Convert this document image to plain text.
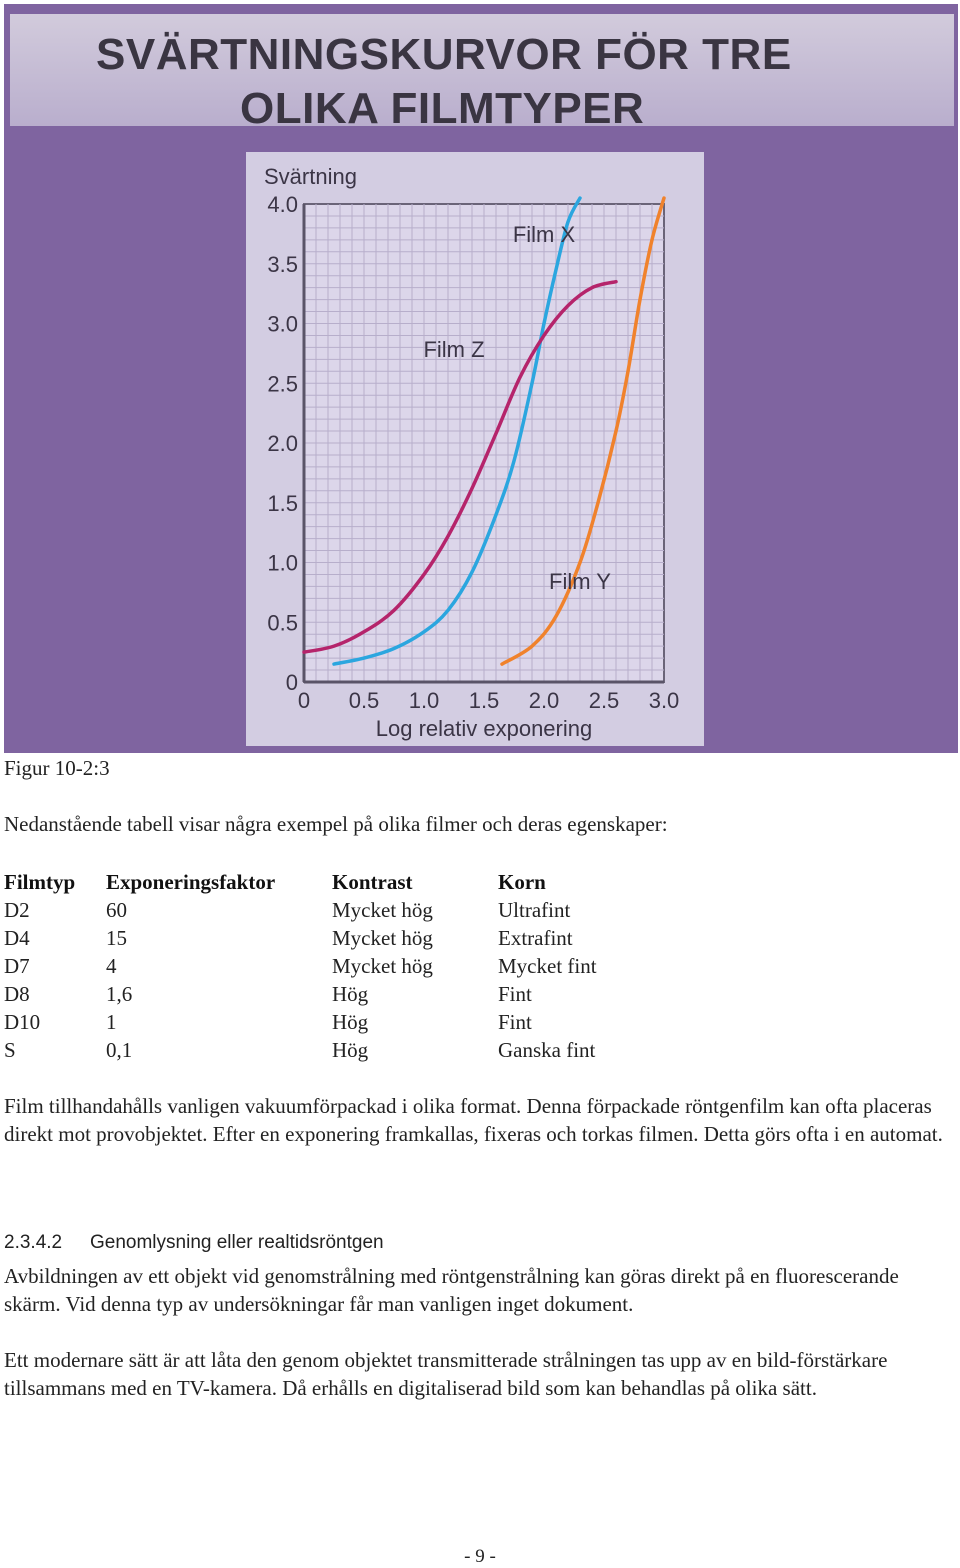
SVÄRTNINGSKURVOR FÖR TRE
OLIKA FILMTYPER
0
0.5
1.0
1.5
2.0
2.5
3.0
3.5
4.0
0 0.5 1.0 1.5 2.0 2.5 3.0
Svärtning
Log relativ exponering
Film X
Film Z
Film Y

Figur 10-2:3

Nedanstående tabell visar några exempel på olika filmer och deras egenskaper:

Filmtyp	Exponeringsfaktor	Kontrast	Korn
D2	60	Mycket hög	Ultrafint
D4	15	Mycket hög	Extrafint
D7	4	Mycket hög	Mycket fint
D8	1,6	Hög	Fint
D10	1	Hög	Fint
S	0,1	Hög	Ganska fint

Film tillhandahålls vanligen vakuumförpackad i olika format. Denna förpackade röntgenfilm kan ofta placeras direkt mot provobjektet. Efter en exponering framkallas, fixeras och torkas filmen. Detta görs ofta i en automat.

2.3.4.2 Genomlysning eller realtidsröntgen

Avbildningen av ett objekt vid genomstrålning med röntgenstrålning kan göras direkt på en fluorescerande skärm. Vid denna typ av undersökningar får man vanligen inget dokument.

Ett modernare sätt är att låta den genom objektet transmitterade strålningen tas upp av en bild-förstärkare tillsammans med en TV-kamera. Då erhålls en digitaliserad bild som kan behandlas på olika sätt.

- 9 -
